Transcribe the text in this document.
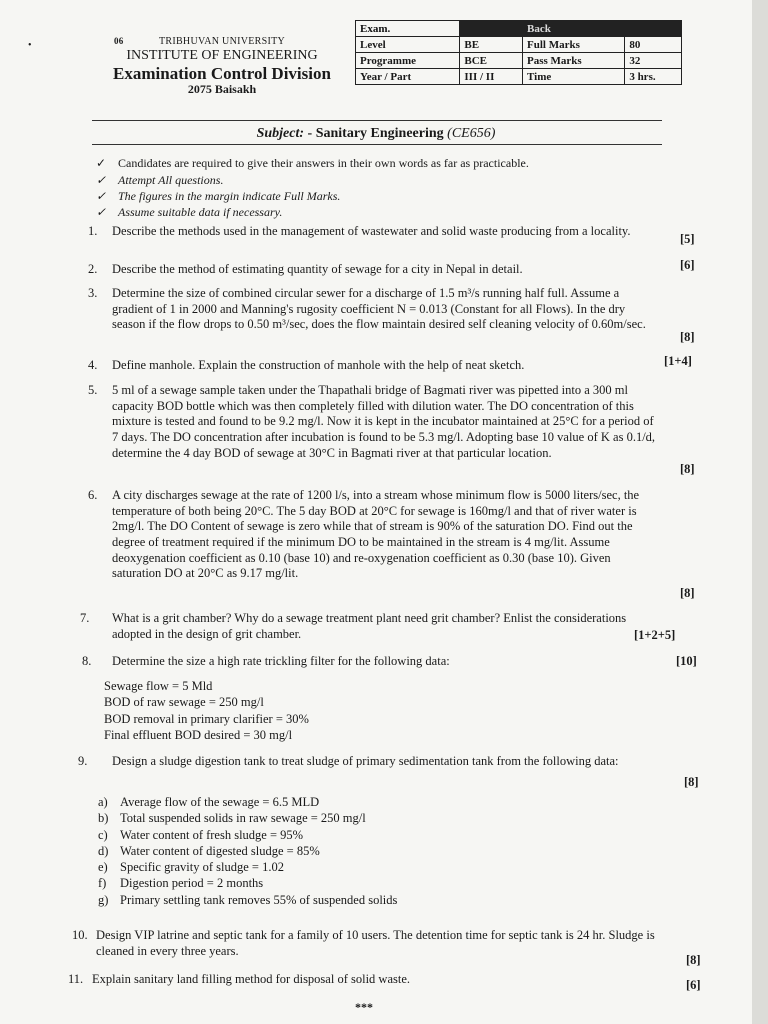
•	06	TRIBHUVAN UNIVERSITY
INSTITUTE OF ENGINEERING
Examination Control Division
2075 Baisakh
Exam.		Back	
Level	BE	Full Marks	80
Programme	BCE	Pass Marks	32
Year / Part	III / II	Time	3 hrs.
Subject: - Sanitary Engineering (CE656)
✓ Candidates are required to give their answers in their own words as far as practicable.
✓ Attempt All questions.
✓ The figures in the margin indicate Full Marks.
✓ Assume suitable data if necessary.
1. Describe the methods used in the management of wastewater and solid waste producing from a locality.
[5]
2. Describe the method of estimating quantity of sewage for a city in Nepal in detail.	[6]
3. Determine the size of combined circular sewer for a discharge of 1.5 m³/s running half full. Assume a gradient of 1 in 2000 and Manning's rugosity coefficient N = 0.013 (Constant for all Flows). In the dry season if the flow drops to 0.50 m³/sec, does the flow maintain desired self cleaning velocity of 0.60m/sec.
[8]
4. Define manhole. Explain the construction of manhole with the help of neat sketch.	[1+4]
5. 5 ml of a sewage sample taken under the Thapathali bridge of Bagmati river was pipetted into a 300 ml capacity BOD bottle which was then completely filled with dilution water. The DO concentration of this mixture is tested and found to be 9.2 mg/l. Now it is kept in the incubator maintained at 25°C for a period of 7 days. The DO concentration after incubation is found to be 5.3 mg/l. Adopting base 10 value of K as 0.1/d, determine the 4 day BOD of sewage at 30°C in Bagmati river at that particular location.
[8]
6. A city discharges sewage at the rate of 1200 l/s, into a stream whose minimum flow is 5000 liters/sec, the temperature of both being 20°C. The 5 day BOD at 20°C for sewage is 160mg/l and that of river water is 2mg/l. The DO Content of sewage is zero while that of stream is 90% of the saturation DO. Find out the degree of treatment required if the minimum DO to be maintained in the stream is 4 mg/lit. Assume deoxygenation coefficient as 0.10 (base 10) and re-oxygenation coefficient as 0.30 (base 10). Given saturation DO at 20°C as 9.17 mg/lit.
[8]
7. What is a grit chamber? Why do a sewage treatment plant need grit chamber? Enlist the considerations adopted in the design of grit chamber.	[1+2+5]
8. Determine the size a high rate trickling filter for the following data:	[10]
Sewage flow = 5 Mld
BOD of raw sewage = 250 mg/l
BOD removal in primary clarifier = 30%
Final effluent BOD desired = 30 mg/l
9. Design a sludge digestion tank to treat sludge of primary sedimentation tank from the following data:
[8]
a) Average flow of the sewage = 6.5 MLD
b) Total suspended solids in raw sewage = 250 mg/l
c) Water content of fresh sludge = 95%
d) Water content of digested sludge = 85%
e) Specific gravity of sludge = 1.02
f) Digestion period = 2 months
g) Primary settling tank removes 55% of suspended solids
10. Design VIP latrine and septic tank for a family of 10 users. The detention time for septic tank is 24 hr. Sludge is cleaned in every three years.
[8]
11. Explain sanitary land filling method for disposal of solid waste.	[6]
***
